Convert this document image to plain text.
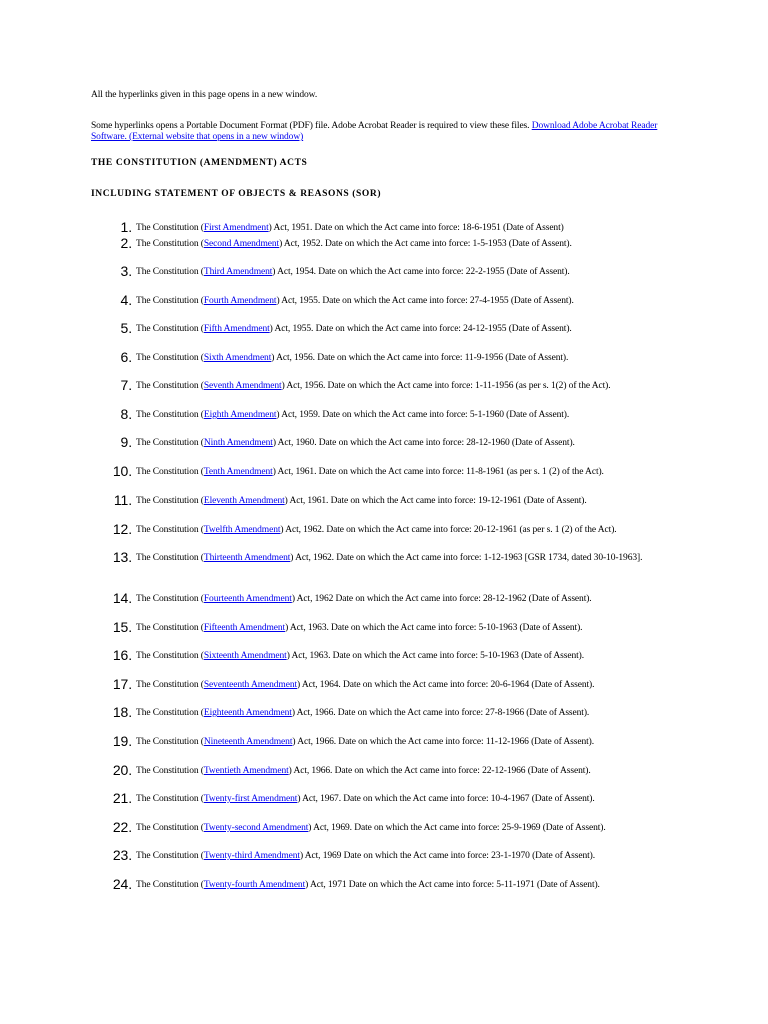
All the hyperlinks given in this page opens in a new window.
Some hyperlinks opens a Portable Document Format (PDF) file. Adobe Acrobat Reader is required to view these files. Download Adobe Acrobat Reader Software. (External website that opens in a new window)
THE CONSTITUTION (AMENDMENT) ACTS
INCLUDING STATEMENT OF OBJECTS & REASONS (SOR)
1. The Constitution (First Amendment) Act, 1951. Date on which the Act came into force: 18-6-1951 (Date of Assent)
2. The Constitution (Second Amendment) Act, 1952. Date on which the Act came into force: 1-5-1953 (Date of Assent).
3. The Constitution (Third Amendment) Act, 1954. Date on which the Act came into force: 22-2-1955 (Date of Assent).
4. The Constitution (Fourth Amendment) Act, 1955. Date on which the Act came into force: 27-4-1955 (Date of Assent).
5. The Constitution (Fifth Amendment) Act, 1955. Date on which the Act came into force: 24-12-1955 (Date of Assent).
6. The Constitution (Sixth Amendment) Act, 1956. Date on which the Act came into force: 11-9-1956 (Date of Assent).
7. The Constitution (Seventh Amendment) Act, 1956. Date on which the Act came into force: 1-11-1956 (as per s. 1(2) of the Act).
8. The Constitution (Eighth Amendment) Act, 1959. Date on which the Act came into force: 5-1-1960 (Date of Assent).
9. The Constitution (Ninth Amendment) Act, 1960. Date on which the Act came into force: 28-12-1960 (Date of Assent).
10. The Constitution (Tenth Amendment) Act, 1961. Date on which the Act came into force: 11-8-1961 (as per s. 1 (2) of the Act).
11. The Constitution (Eleventh Amendment) Act, 1961. Date on which the Act came into force: 19-12-1961 (Date of Assent).
12. The Constitution (Twelfth Amendment) Act, 1962. Date on which the Act came into force: 20-12-1961 (as per s. 1 (2) of the Act).
13. The Constitution (Thirteenth Amendment) Act, 1962. Date on which the Act came into force: 1-12-1963 [GSR 1734, dated 30-10-1963].
14. The Constitution (Fourteenth Amendment) Act, 1962 Date on which the Act came into force: 28-12-1962 (Date of Assent).
15. The Constitution (Fifteenth Amendment) Act, 1963. Date on which the Act came into force: 5-10-1963 (Date of Assent).
16. The Constitution (Sixteenth Amendment) Act, 1963. Date on which the Act came into force: 5-10-1963 (Date of Assent).
17. The Constitution (Seventeenth Amendment) Act, 1964. Date on which the Act came into force: 20-6-1964 (Date of Assent).
18. The Constitution (Eighteenth Amendment) Act, 1966. Date on which the Act came into force: 27-8-1966 (Date of Assent).
19. The Constitution (Nineteenth Amendment) Act, 1966. Date on which the Act came into force: 11-12-1966 (Date of Assent).
20. The Constitution (Twentieth Amendment) Act, 1966. Date on which the Act came into force: 22-12-1966 (Date of Assent).
21. The Constitution (Twenty-first Amendment) Act, 1967. Date on which the Act came into force: 10-4-1967 (Date of Assent).
22. The Constitution (Twenty-second Amendment) Act, 1969. Date on which the Act came into force: 25-9-1969 (Date of Assent).
23. The Constitution (Twenty-third Amendment) Act, 1969 Date on which the Act came into force: 23-1-1970 (Date of Assent).
24. The Constitution (Twenty-fourth Amendment) Act, 1971 Date on which the Act came into force: 5-11-1971 (Date of Assent).
